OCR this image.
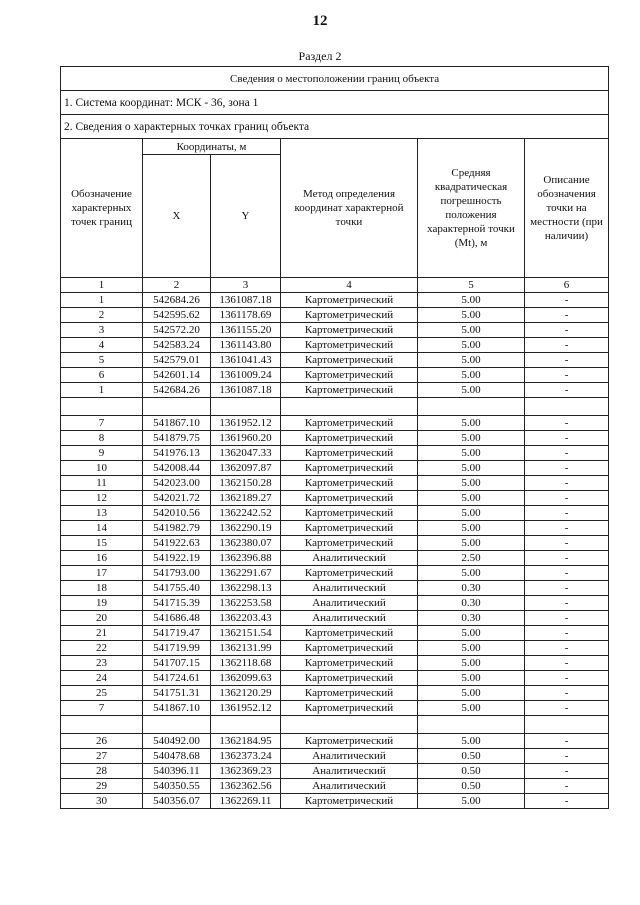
12
Раздел 2
Сведения о местоположении границ объекта					
1. Система координат: МСК - 36, зона 1					
2. Сведения о характерных точках границ объекта					
Обозначение характерных точек границ	Координаты, м		Метод определения координат характерной точки	Средняя квадратическая погрешность положения характерной точки (Mt), м	Описание обозначения точки на местности (при наличии)
	X	Y			
1	2	3	4	5	6
1	542684.26	1361087.18	Картометрический	5.00	-
2	542595.62	1361178.69	Картометрический	5.00	-
3	542572.20	1361155.20	Картометрический	5.00	-
4	542583.24	1361143.80	Картометрический	5.00	-
5	542579.01	1361041.43	Картометрический	5.00	-
6	542601.14	1361009.24	Картометрический	5.00	-
1	542684.26	1361087.18	Картометрический	5.00	-

7	541867.10	1361952.12	Картометрический	5.00	-
8	541879.75	1361960.20	Картометрический	5.00	-
9	541976.13	1362047.33	Картометрический	5.00	-
10	542008.44	1362097.87	Картометрический	5.00	-
11	542023.00	1362150.28	Картометрический	5.00	-
12	542021.72	1362189.27	Картометрический	5.00	-
13	542010.56	1362242.52	Картометрический	5.00	-
14	541982.79	1362290.19	Картометрический	5.00	-
15	541922.63	1362380.07	Картометрический	5.00	-
16	541922.19	1362396.88	Аналитический	2.50	-
17	541793.00	1362291.67	Картометрический	5.00	-
18	541755.40	1362298.13	Аналитический	0.30	-
19	541715.39	1362253.58	Аналитический	0.30	-
20	541686.48	1362203.43	Аналитический	0.30	-
21	541719.47	1362151.54	Картометрический	5.00	-
22	541719.99	1362131.99	Картометрический	5.00	-
23	541707.15	1362118.68	Картометрический	5.00	-
24	541724.61	1362099.63	Картометрический	5.00	-
25	541751.31	1362120.29	Картометрический	5.00	-
7	541867.10	1361952.12	Картометрический	5.00	-

26	540492.00	1362184.95	Картометрический	5.00	-
27	540478.68	1362373.24	Аналитический	0.50	-
28	540396.11	1362369.23	Аналитический	0.50	-
29	540350.55	1362362.56	Аналитический	0.50	-
30	540356.07	1362269.11	Картометрический	5.00	-
